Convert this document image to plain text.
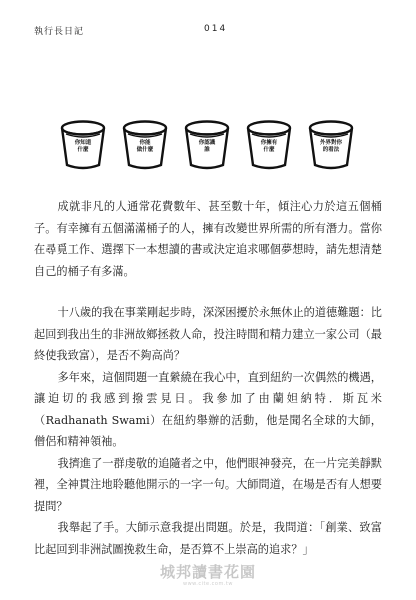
執行長日記	014
你知道
什麼
你能
做什麼
你認識
誰
你擁有
什麼
外界對你
的看法

成就非凡的人通常花費數年、甚至數十年，傾注心力於這五個桶子。有幸擁有五個滿滿桶子的人，擁有改變世界所需的所有潛力。當你在尋覓工作、選擇下一本想讀的書或決定追求哪個夢想時，請先想清楚自己的桶子有多滿。

十八歲的我在事業剛起步時，深深困擾於永無休止的道德難題：比起回到我出生的非洲故鄉拯救人命，投注時間和精力建立一家公司（最終使我致富），是否不夠高尚？

多年來，這個問題一直縈繞在我心中，直到紐約一次偶然的機遇，讓迫切的我感到撥雲見日。我參加了由蘭妲納特．斯瓦米（Radhanath Swami）在紐約舉辦的活動，他是聞名全球的大師，僧侶和精神領袖。

我擠進了一群虔敬的追隨者之中，他們眼神發亮，在一片完美靜默裡，全神貫注地聆聽他開示的一字一句。大師問道，在場是否有人想要提問？

我舉起了手。大師示意我提出問題。於是，我問道：「創業、致富比起回到非洲試圖挽救生命，是否算不上崇高的追求？」

城邦讀書花園
www.cite.com.tw
